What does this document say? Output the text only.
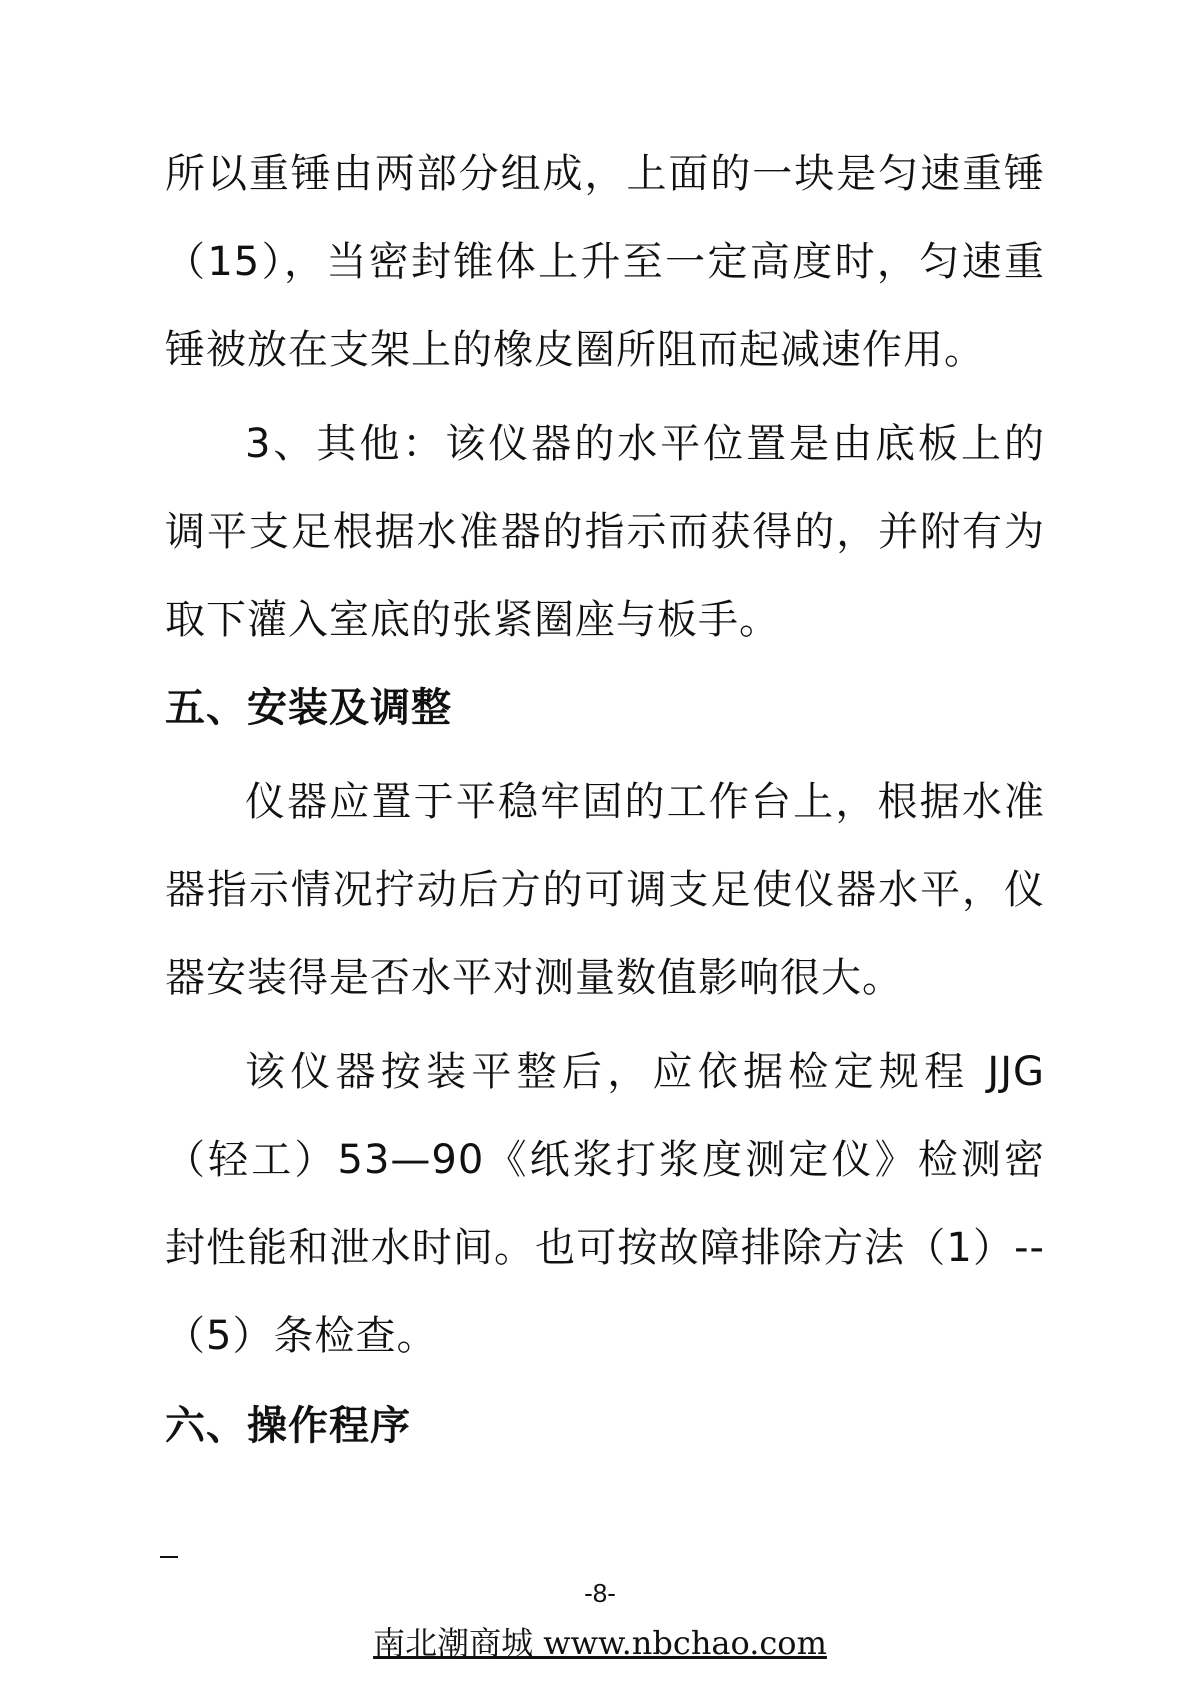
所以重锤由两部分组成，上面的一块是匀速重锤（15），当密封锥体上升至一定高度时，匀速重锤被放在支架上的橡皮圈所阻而起减速作用。

3、其他：该仪器的水平位置是由底板上的调平支足根据水准器的指示而获得的，并附有为取下灌入室底的张紧圈座与板手。

五、安装及调整

仪器应置于平稳牢固的工作台上，根据水准器指示情况拧动后方的可调支足使仪器水平，仪器安装得是否水平对测量数值影响很大。

该仪器按装平整后，应依据检定规程 JJG（轻工）53—90《纸浆打浆度测定仪》检测密封性能和泄水时间。也可按故障排除方法（1）--（5）条检查。

六、操作程序
-8-
南北潮商城 www.nbchao.com
